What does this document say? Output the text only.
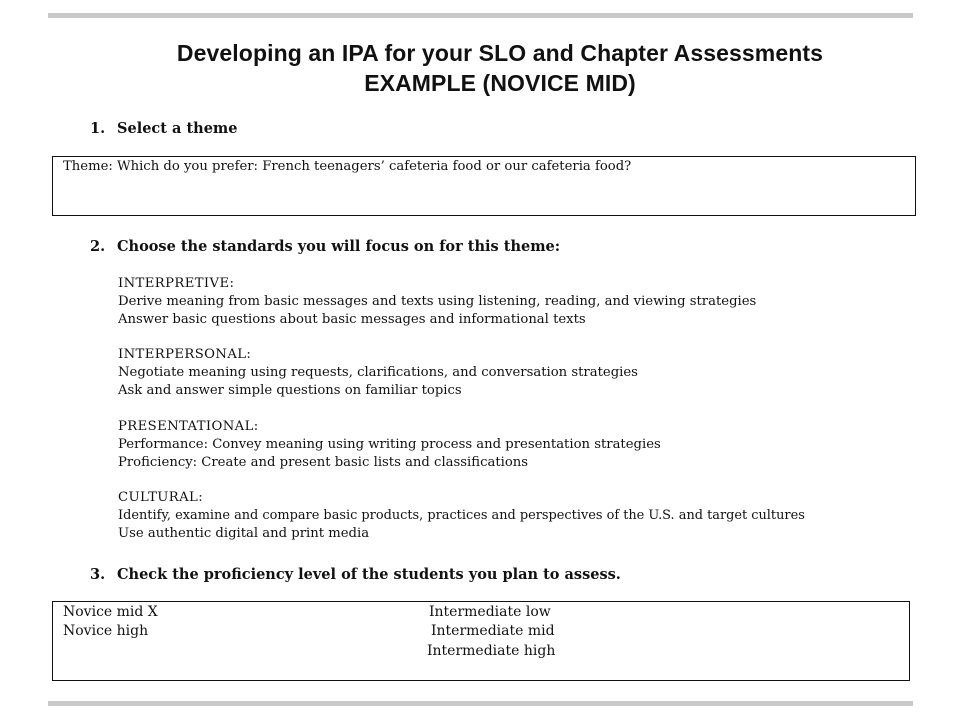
Developing an IPA for your SLO and Chapter Assessments
EXAMPLE (NOVICE MID)
1. Select a theme
Theme: Which do you prefer: French teenagers’ cafeteria food or our cafeteria food?
2. Choose the standards you will focus on for this theme:
INTERPRETIVE:
Derive meaning from basic messages and texts using listening, reading, and viewing strategies
Answer basic questions about basic messages and informational texts
INTERPERSONAL:
Negotiate meaning using requests, clarifications, and conversation strategies
Ask and answer simple questions on familiar topics
PRESENTATIONAL:
Performance: Convey meaning using writing process and presentation strategies
Proficiency: Create and present basic lists and classifications
CULTURAL:
Identify, examine and compare basic products, practices and perspectives of the U.S. and target cultures
Use authentic digital and print media
3. Check the proficiency level of the students you plan to assess.
Novice mid X
Novice high
Intermediate low
Intermediate mid
Intermediate high
